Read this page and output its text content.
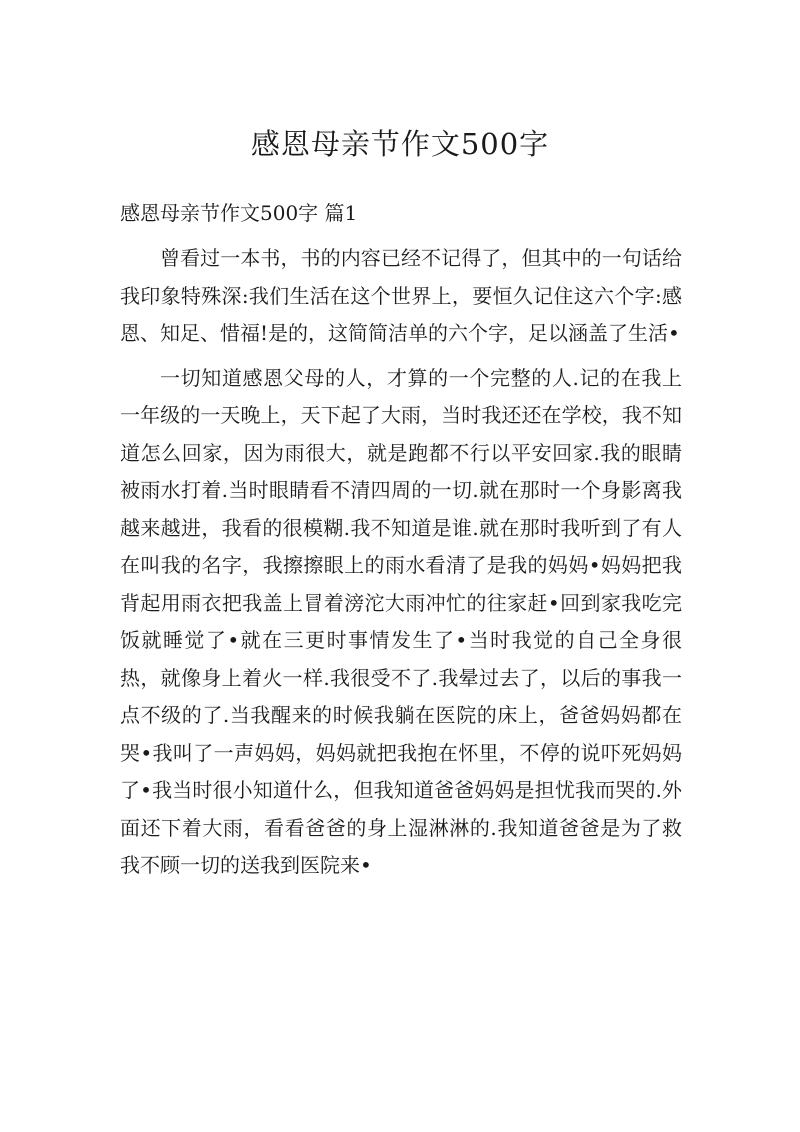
感恩母亲节作文500字
感恩母亲节作文500字 篇1

曾看过一本书，书的内容已经不记得了，但其中的一句话给我印象特殊深:我们生活在这个世界上，要恒久记住这六个字:感恩、知足、惜福!是的，这简简洁单的六个字，足以涵盖了生活•

一切知道感恩父母的人，才算的一个完整的人.记的在我上一年级的一天晚上，天下起了大雨，当时我还还在学校，我不知道怎么回家，因为雨很大，就是跑都不行以平安回家.我的眼睛被雨水打着.当时眼睛看不清四周的一切.就在那时一个身影离我越来越进，我看的很模糊.我不知道是谁.就在那时我听到了有人在叫我的名字，我擦擦眼上的雨水看清了是我的妈妈•妈妈把我背起用雨衣把我盖上冒着滂沱大雨冲忙的往家赶•回到家我吃完饭就睡觉了•就在三更时事情发生了•当时我觉的自己全身很热，就像身上着火一样.我很受不了.我晕过去了，以后的事我一点不级的了.当我醒来的时候我躺在医院的床上，爸爸妈妈都在哭•我叫了一声妈妈，妈妈就把我抱在怀里，不停的说吓死妈妈了•我当时很小知道什么，但我知道爸爸妈妈是担忧我而哭的.外面还下着大雨，看看爸爸的身上湿淋淋的.我知道爸爸是为了救我不顾一切的送我到医院来•
